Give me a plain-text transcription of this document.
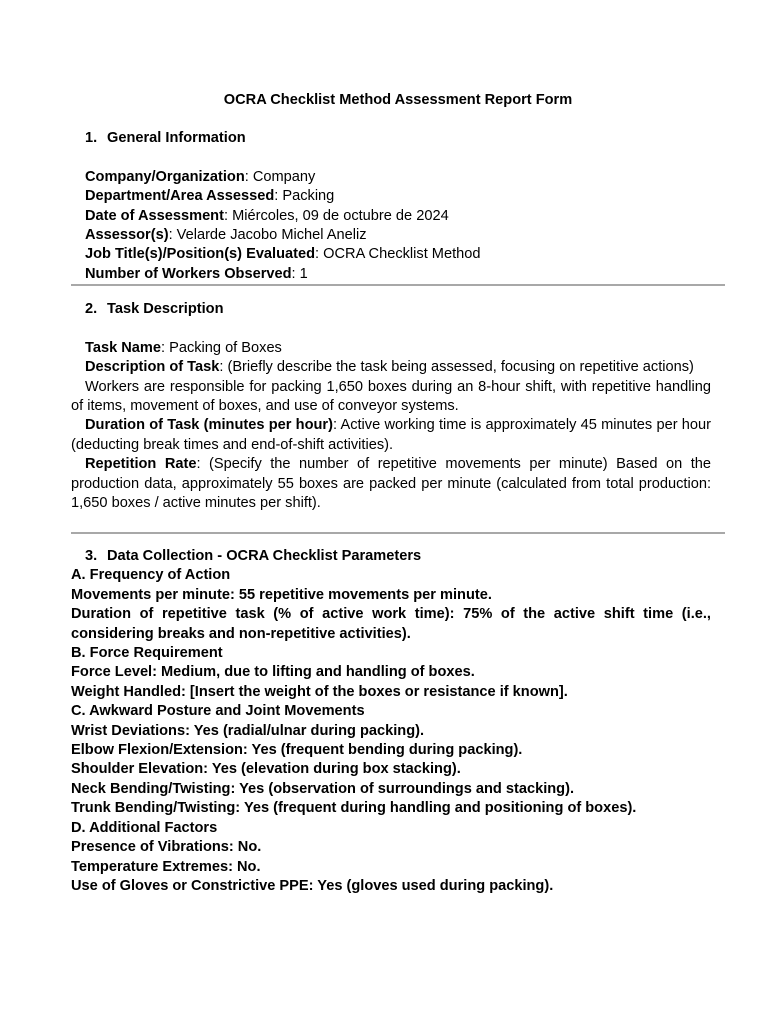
OCRA Checklist Method Assessment Report Form

1. General Information

Company/Organization: Company

Department/Area Assessed: Packing

Date of Assessment: Miércoles, 09 de octubre de 2024

Assessor(s): Velarde Jacobo Michel Aneliz

Job Title(s)/Position(s) Evaluated: OCRA Checklist Method

Number of Workers Observed: 1

2. Task Description

Task Name: Packing of Boxes

Description of Task: (Briefly describe the task being assessed, focusing on repetitive actions)

Workers are responsible for packing 1,650 boxes during an 8-hour shift, with repetitive handling of items, movement of boxes, and use of conveyor systems.

Duration of Task (minutes per hour): Active working time is approximately 45 minutes per hour (deducting break times and end-of-shift activities).

Repetition Rate: (Specify the number of repetitive movements per minute) Based on the production data, approximately 55 boxes are packed per minute (calculated from total production: 1,650 boxes / active minutes per shift).

3. Data Collection - OCRA Checklist Parameters

A. Frequency of Action

Movements per minute: 55 repetitive movements per minute.

Duration of repetitive task (% of active work time): 75% of the active shift time (i.e., considering breaks and non-repetitive activities).

B. Force Requirement

Force Level: Medium, due to lifting and handling of boxes.

Weight Handled: [Insert the weight of the boxes or resistance if known].

C. Awkward Posture and Joint Movements

Wrist Deviations: Yes (radial/ulnar during packing).

Elbow Flexion/Extension: Yes (frequent bending during packing).

Shoulder Elevation: Yes (elevation during box stacking).

Neck Bending/Twisting: Yes (observation of surroundings and stacking).

Trunk Bending/Twisting: Yes (frequent during handling and positioning of boxes).

D. Additional Factors

Presence of Vibrations: No.

Temperature Extremes: No.

Use of Gloves or Constrictive PPE: Yes (gloves used during packing).
